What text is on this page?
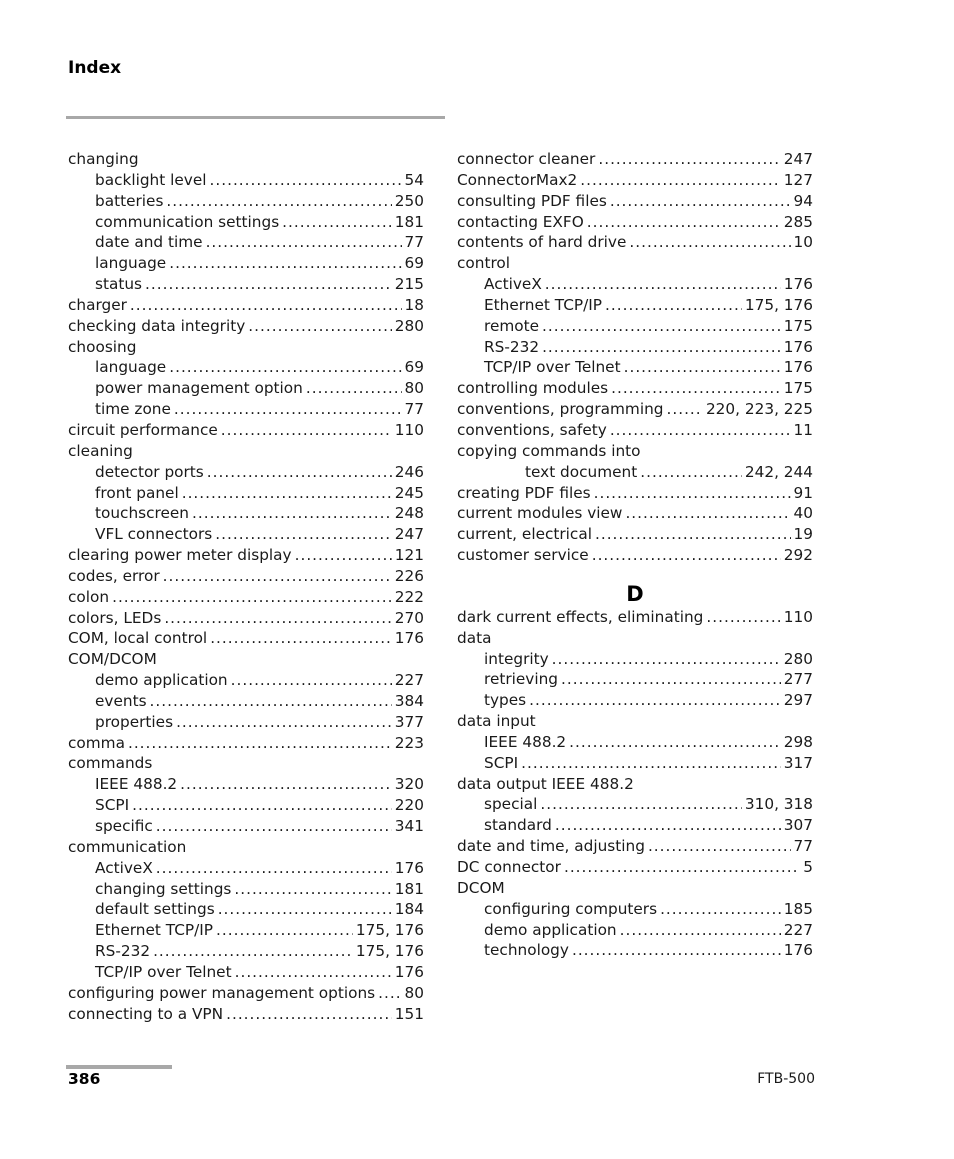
Index
changing
backlight level .....	54
batteries .....	250
communication settings .....	181
date and time .....	77
language .....	69
status .....	215
charger .....	18
checking data integrity .....	280
choosing
language .....	69
power management option .....	80
time zone .....	77
circuit performance .....	110
cleaning
detector ports .....	246
front panel .....	245
touchscreen .....	248
VFL connectors .....	247
clearing power meter display .....	121
codes, error .....	226
colon .....	222
colors, LEDs .....	270
COM, local control .....	176
COM/DCOM
demo application .....	227
events .....	384
properties .....	377
comma .....	223
commands
IEEE 488.2 .....	320
SCPI .....	220
specific .....	341
communication
ActiveX .....	176
changing settings .....	181
default settings .....	184
Ethernet TCP/IP .....	175, 176
RS-232 .....	175, 176
TCP/IP over Telnet .....	176
configuring power management options ..... 80
connecting to a VPN .....	151
connector cleaner .....	247
ConnectorMax2 .....	127
consulting PDF files .....	94
contacting EXFO .....	285
contents of hard drive .....	10
control
ActiveX .....	176
Ethernet TCP/IP .....	175, 176
remote .....	175
RS-232 .....	176
TCP/IP over Telnet .....	176
controlling modules .....	175
conventions, programming .....	220, 223, 225
conventions, safety .....	11
copying commands into
text document .....	242, 244
creating PDF files .....	91
current modules view .....	40
current, electrical .....	19
customer service .....	292
D
dark current effects, eliminating .....	110
data
integrity .....	280
retrieving .....	277
types .....	297
data input
IEEE 488.2 .....	298
SCPI .....	317
data output IEEE 488.2
special .....	310, 318
standard .....	307
date and time, adjusting .....	77
DC connector .....	5
DCOM
configuring computers .....	185
demo application .....	227
technology .....	176
386	FTB-500
